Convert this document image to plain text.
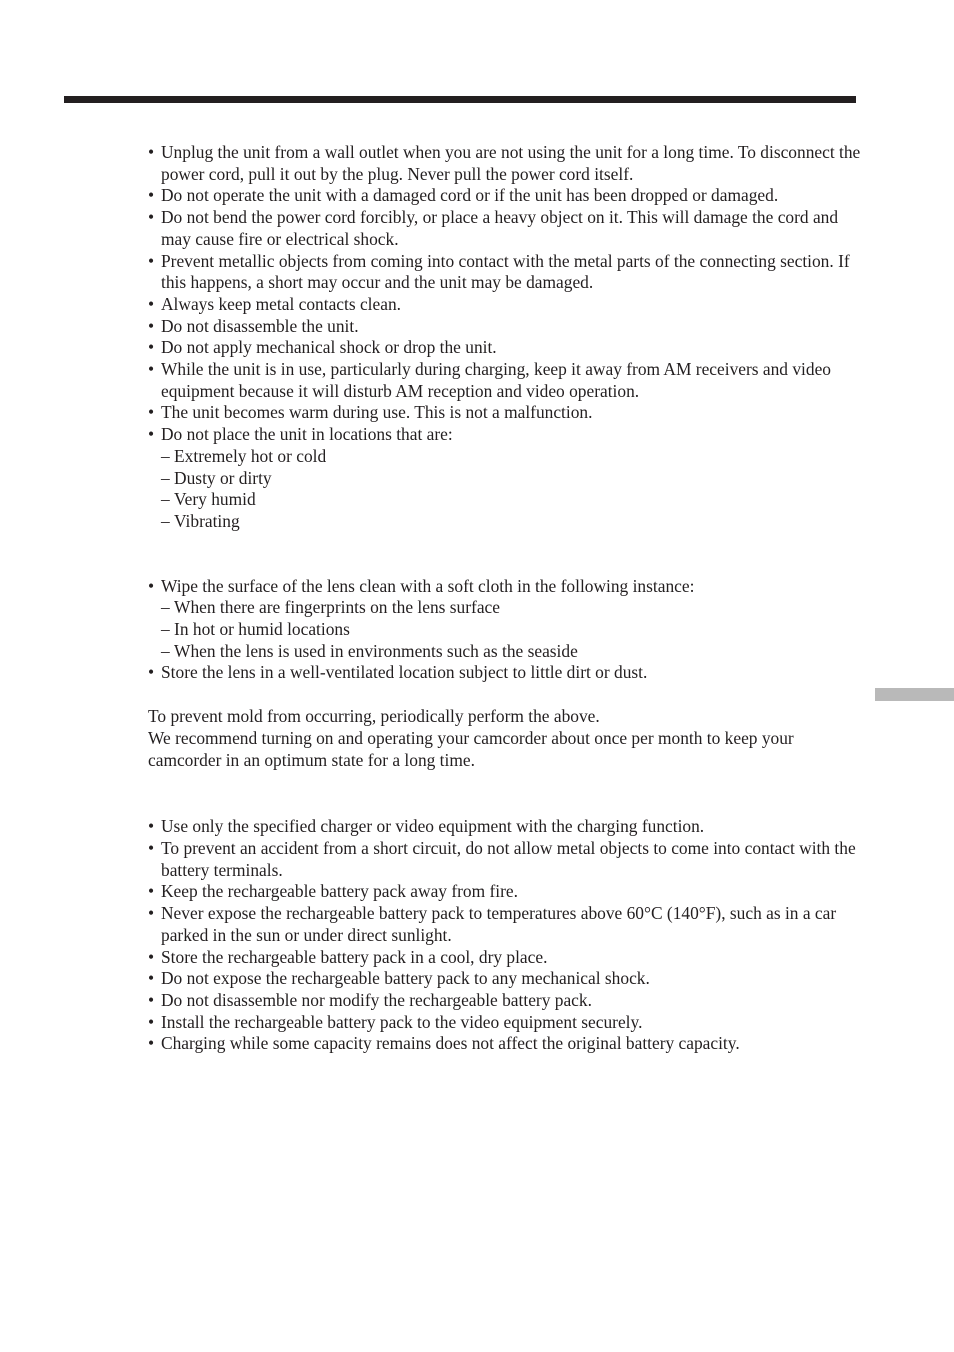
• Unplug the unit from a wall outlet when you are not using the unit for a long time. To disconnect the power cord, pull it out by the plug. Never pull the power cord itself.
• Do not operate the unit with a damaged cord or if the unit has been dropped or damaged.
• Do not bend the power cord forcibly, or place a heavy object on it. This will damage the cord and may cause fire or electrical shock.
• Prevent metallic objects from coming into contact with the metal parts of the connecting section. If this happens, a short may occur and the unit may be damaged.
• Always keep metal contacts clean.
• Do not disassemble the unit.
• Do not apply mechanical shock or drop the unit.
• While the unit is in use, particularly during charging, keep it away from AM receivers and video equipment because it will disturb AM reception and video operation.
• The unit becomes warm during use. This is not a malfunction.
• Do not place the unit in locations that are:
– Extremely hot or cold
– Dusty or dirty
– Very humid
– Vibrating
• Wipe the surface of the lens clean with a soft cloth in the following instance:
– When there are fingerprints on the lens surface
– In hot or humid locations
– When the lens is used in environments such as the seaside
• Store the lens in a well-ventilated location subject to little dirt or dust.

To prevent mold from occurring, periodically perform the above.

We recommend turning on and operating your camcorder about once per month to keep your camcorder in an optimum state for a long time.

• Use only the specified charger or video equipment with the charging function.
• To prevent an accident from a short circuit, do not allow metal objects to come into contact with the battery terminals.
• Keep the rechargeable battery pack away from fire.
• Never expose the rechargeable battery pack to temperatures above 60°C (140°F), such as in a car parked in the sun or under direct sunlight.
• Store the rechargeable battery pack in a cool, dry place.
• Do not expose the rechargeable battery pack to any mechanical shock.
• Do not disassemble nor modify the rechargeable battery pack.
• Install the rechargeable battery pack to the video equipment securely.
• Charging while some capacity remains does not affect the original battery capacity.
